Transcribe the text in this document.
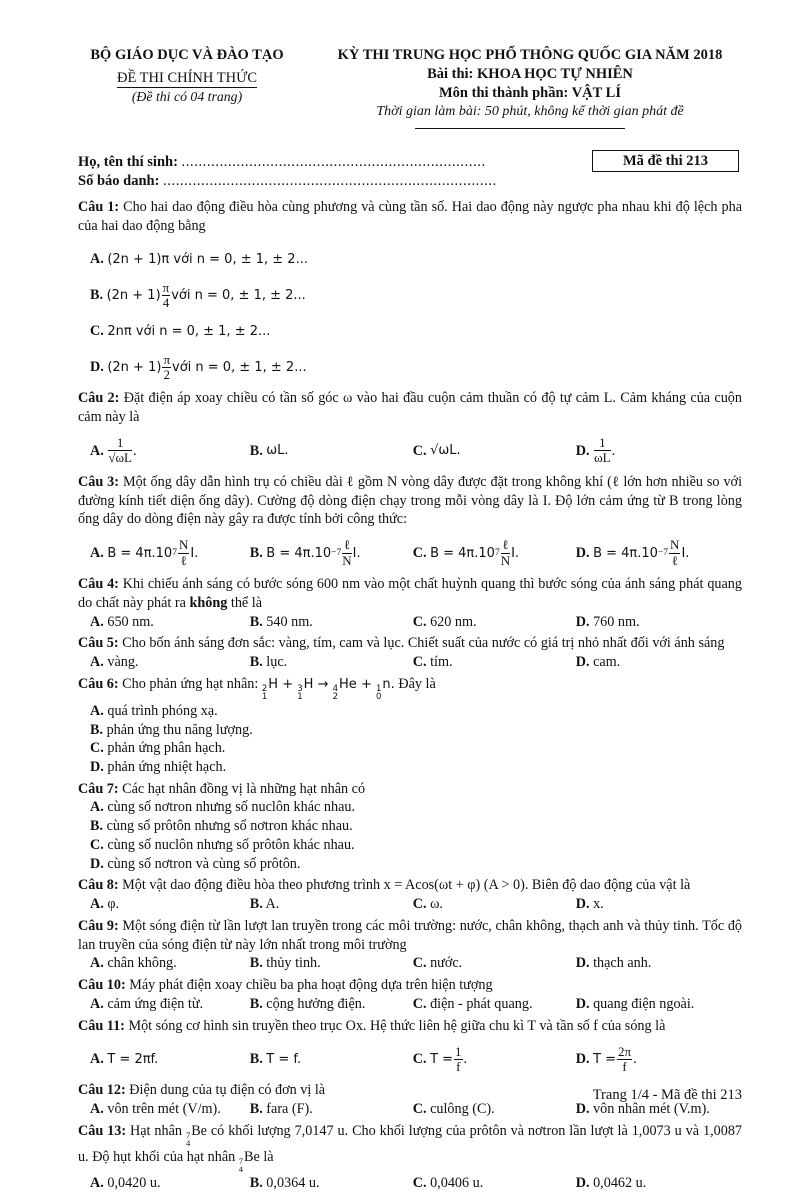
BỘ GIÁO DỤC VÀ ĐÀO TẠO
ĐỀ THI CHÍNH THỨC
(Đề thi có 04 trang)
KỲ THI TRUNG HỌC PHỔ THÔNG QUỐC GIA NĂM 2018
Bài thi: KHOA HỌC TỰ NHIÊN
Môn thi thành phần: VẬT LÍ
Thời gian làm bài: 50 phút, không kể thời gian phát đề
Họ, tên thí sinh: ........................................................................
Số báo danh: ...............................................................................
Mã đề thi 213
Câu 1: Cho hai dao động điều hòa cùng phương và cùng tần số. Hai dao động này ngược pha nhau khi độ lệch pha của hai dao động bằng
A.
(2n + 1)π với n = 0, ± 1, ± 2...
B.
$(2n + 1) \frac{\pi}{4}$ với n = 0, ± 1, ± 2...
C.
2nπ với n = 0, ± 1, ± 2...
D.
$(2n + 1) \frac{\pi}{2}$ với n = 0, ± 1, ± 2...
Câu 2: Đặt điện áp xoay chiều có tần số góc ω vào hai đầu cuộn cảm thuần có độ tự cảm L. Cảm kháng của cuộn cảm này là
A.
$\frac{1}{√\omega L}$ .	B.
ωL.	C.
√ωL.	D.
$\frac{1}{\omega L}$ .
Câu 3: Một ống dây dẫn hình trụ có chiều dài ℓ gồm N vòng dây được đặt trong không khí (ℓ lớn hơn nhiều so với đường kính tiết diện ống dây). Cường độ dòng điện chạy trong mỗi vòng dây là I. Độ lớn cảm ứng từ B trong lòng ống dây do dòng điện này gây ra được tính bởi công thức:
A.
B = 4π.10 $7 \frac{N}{\text{ℓ}} I$.	B.
$B = 4\pi.10 -7 \frac{\text{ℓ}}{N} I$.	C.
B = 4π.10 $7 \frac{\text{ℓ}}{N} I$.	D.
$B = 4\pi.10 -7 \frac{N}{\text{ℓ}} I$.
Câu 4: Khi chiếu ánh sáng có bước sóng 600 nm vào một chất huỳnh quang thì bước sóng của ánh sáng phát quang do chất này phát ra không thể là
A. 650 nm.	B. 540 nm.	C. 620 nm.	D. 760 nm.
Câu 5: Cho bốn ánh sáng đơn sắc: vàng, tím, cam và lục. Chiết suất của nước có giá trị nhỏ nhất đối với ánh sáng
A. vàng.	B. lục.	C. tím.	D. cam.
Câu 6: Cho phản ứng hạt nhân: 2
1
H + 3
1
H → 4
2
He + 1
0
n. Đây là
A. quá trình phóng xạ.
B. phản ứng thu năng lượng.
C. phản ứng phân hạch.
D. phản ứng nhiệt hạch.
Câu 7: Các hạt nhân đồng vị là những hạt nhân có
A. cùng số nơtron nhưng số nuclôn khác nhau.
B. cùng số prôtôn nhưng số nơtron khác nhau.
C. cùng số nuclôn nhưng số prôtôn khác nhau.
D. cùng số nơtron và cùng số prôtôn.
Câu 8: Một vật dao động điều hòa theo phương trình x = Acos(ωt + φ) (A > 0). Biên độ dao động của vật là
A. φ.	B. A.	C. ω.	D. x.
Câu 9: Một sóng điện từ lần lượt lan truyền trong các môi trường: nước, chân không, thạch anh và thủy tinh. Tốc độ lan truyền của sóng điện từ này lớn nhất trong môi trường
A. chân không.	B. thủy tinh.	C. nước.	D. thạch anh.
Câu 10: Máy phát điện xoay chiều ba pha hoạt động dựa trên hiện tượng
A. cảm ứng điện từ.	B. cộng hưởng điện.	C. điện - phát quang.	D. quang điện ngoài.
Câu 11: Một sóng cơ hình sin truyền theo trục Ox. Hệ thức liên hệ giữa chu kì T và tần số f của sóng là
A.
T = 2πf.	B.
T = f.	C.
$T = \frac{1}{f}$ .	D.
$T = \frac{2\pi}{f}$ .
Câu 12: Điện dung của tụ điện có đơn vị là
A. vôn trên mét (V/m).	B. fara (F).	C. culông (C).	D. vôn nhân mét (V.m).
Câu 13: Hạt nhân 7
4
Be có khối lượng 7,0147 u. Cho khối lượng của prôtôn và nơtron lần lượt là 1,0073 u và 1,0087 u. Độ hụt khối của hạt nhân 7
4
Be là
A. 0,0420 u.	B. 0,0364 u.	C. 0,0406 u.	D. 0,0462 u.
Trang 1/4 - Mã đề thi 213
